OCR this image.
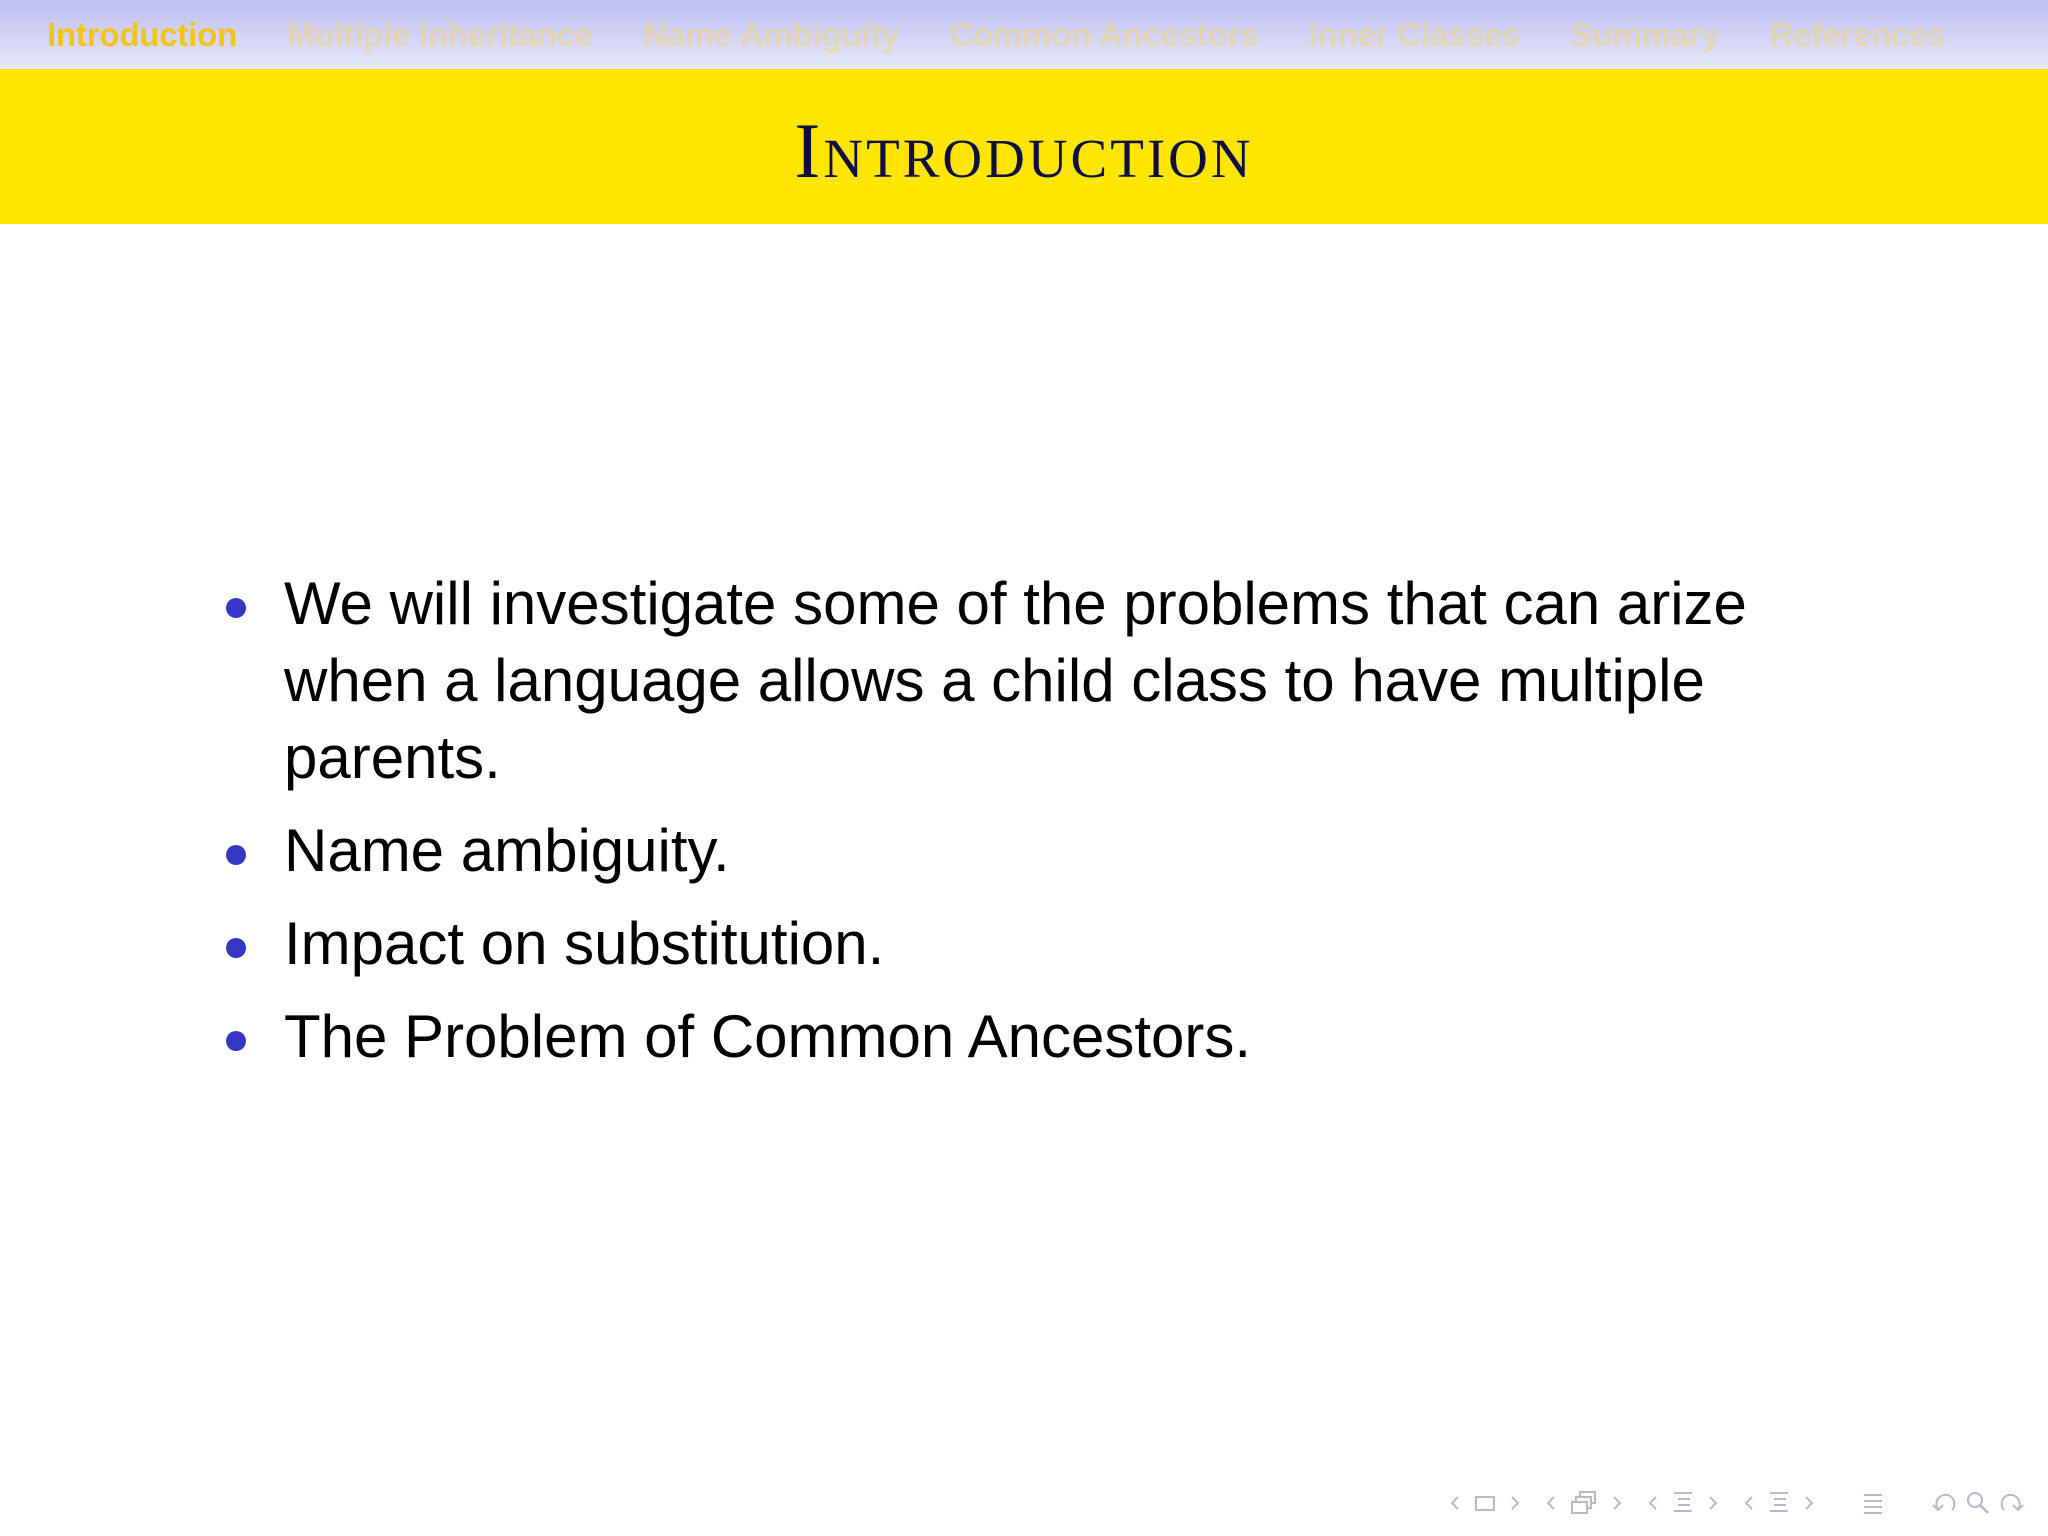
Introduction Multiple Inheritance Name Ambiguity Common Ancestors Inner Classes Summary References
Introduction
We will investigate some of the problems that can arize when a language allows a child class to have multiple parents.
Name ambiguity.
Impact on substitution.
The Problem of Common Ancestors.
